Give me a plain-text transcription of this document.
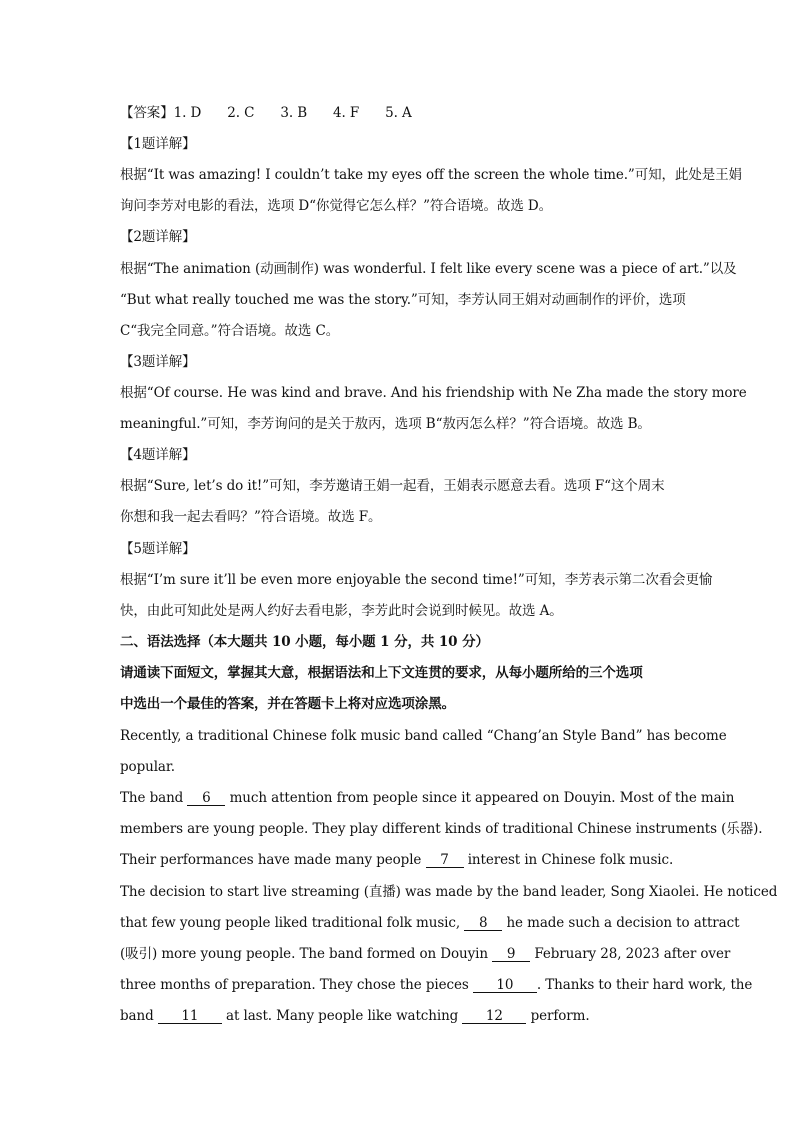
【答案】1. D 2. C 3. B 4. F 5. A
【1题详解】
根据“It was amazing! I couldn’t take my eyes off the screen the whole time.”可知，此处是王娟
询问李芳对电影的看法，选项 D“你觉得它怎么样？”符合语境。故选 D。
【2题详解】
根据“The animation (动画制作) was wonderful. I felt like every scene was a piece of art.”以及
“But what really touched me was the story.”可知，李芳认同王娟对动画制作的评价，选项
C“我完全同意。”符合语境。故选 C。
【3题详解】
根据“Of course. He was kind and brave. And his friendship with Ne Zha made the story more
meaningful.”可知，李芳询问的是关于敖丙，选项 B“敖丙怎么样？”符合语境。故选 B。
【4题详解】
根据“Sure, let’s do it!”可知，李芳邀请王娟一起看，王娟表示愿意去看。选项 F“这个周末
你想和我一起去看吗？”符合语境。故选 F。
【5题详解】
根据“I’m sure it’ll be even more enjoyable the second time!”可知，李芳表示第二次看会更愉
快，由此可知此处是两人约好去看电影，李芳此时会说到时候见。故选 A。
二、语法选择（本大题共 10 小题，每小题 1 分，共 10 分）
请通读下面短文，掌握其大意，根据语法和上下文连贯的要求，从每小题所给的三个选项
中选出一个最佳的答案，并在答题卡上将对应选项涂黑。
Recently, a traditional Chinese folk music band called “Chang’an Style Band” has become
popular.
The band 6 much attention from people since it appeared on Douyin. Most of the main
members are young people. They play different kinds of traditional Chinese instruments (乐器).
Their performances have made many people 7 interest in Chinese folk music.
The decision to start live streaming (直播) was made by the band leader, Song Xiaolei. He noticed
that few young people liked traditional folk music, 8 he made such a decision to attract
(吸引) more young people. The band formed on Douyin 9 February 28, 2023 after over
three months of preparation. They chose the pieces 10 . Thanks to their hard work, the
band 11 at last. Many people like watching 12 perform.
